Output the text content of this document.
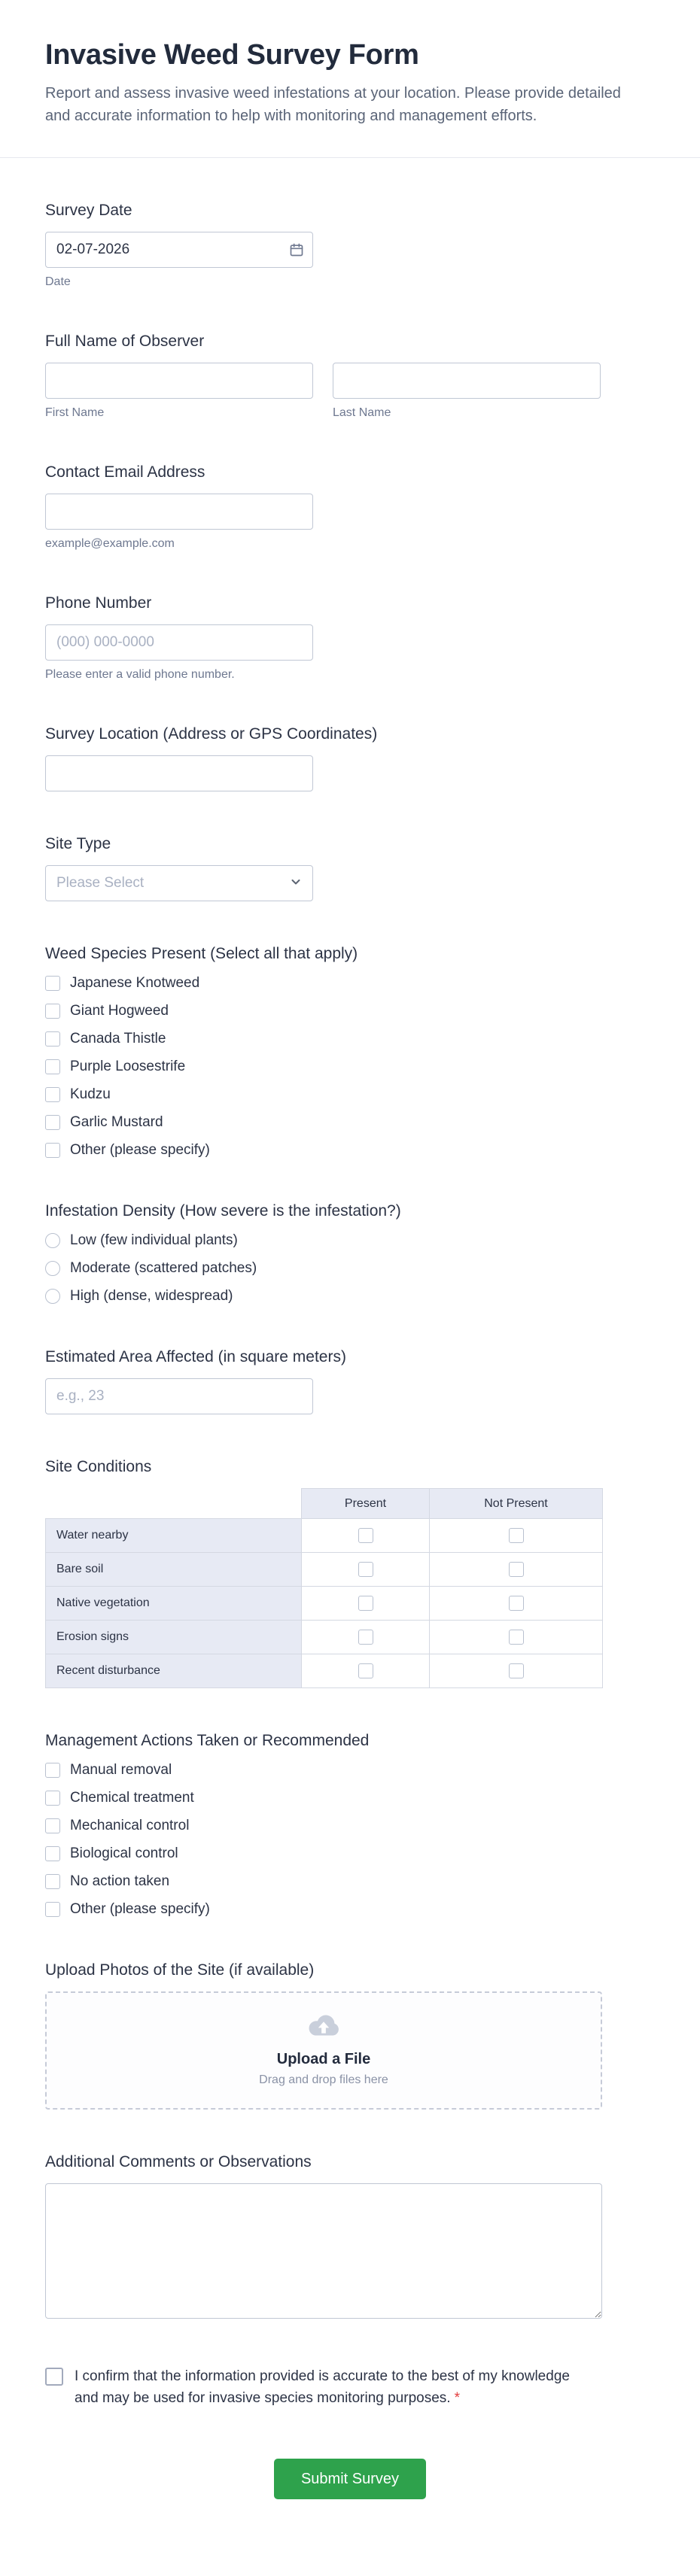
Invasive Weed Survey Form

Report and assess invasive weed infestations at your location. Please provide detailed and accurate information to help with monitoring and management efforts.

Survey Date
02-07-2026
Date
Full Name of Observer
First Name	Last Name
Contact Email Address
example@example.com
Phone Number
(000) 000-0000
Please enter a valid phone number.
Survey Location (Address or GPS Coordinates)
Site Type
Please Select
Weed Species Present (Select all that apply)
Japanese Knotweed
Giant Hogweed
Canada Thistle
Purple Loosestrife
Kudzu
Garlic Mustard
Other (please specify)
Infestation Density (How severe is the infestation?)
Low (few individual plants)
Moderate (scattered patches)
High (dense, widespread)
Estimated Area Affected (in square meters)
e.g., 23
Site Conditions
	Present	Not Present
Water nearby		
Bare soil		
Native vegetation		
Erosion signs		
Recent disturbance		
Management Actions Taken or Recommended
Manual removal
Chemical treatment
Mechanical control
Biological control
No action taken
Other (please specify)
Upload Photos of the Site (if available)
Upload a File
Drag and drop files here
Additional Comments or Observations
I confirm that the information provided is accurate to the best of my knowledge and may be used for invasive species monitoring purposes. *
Submit Survey
